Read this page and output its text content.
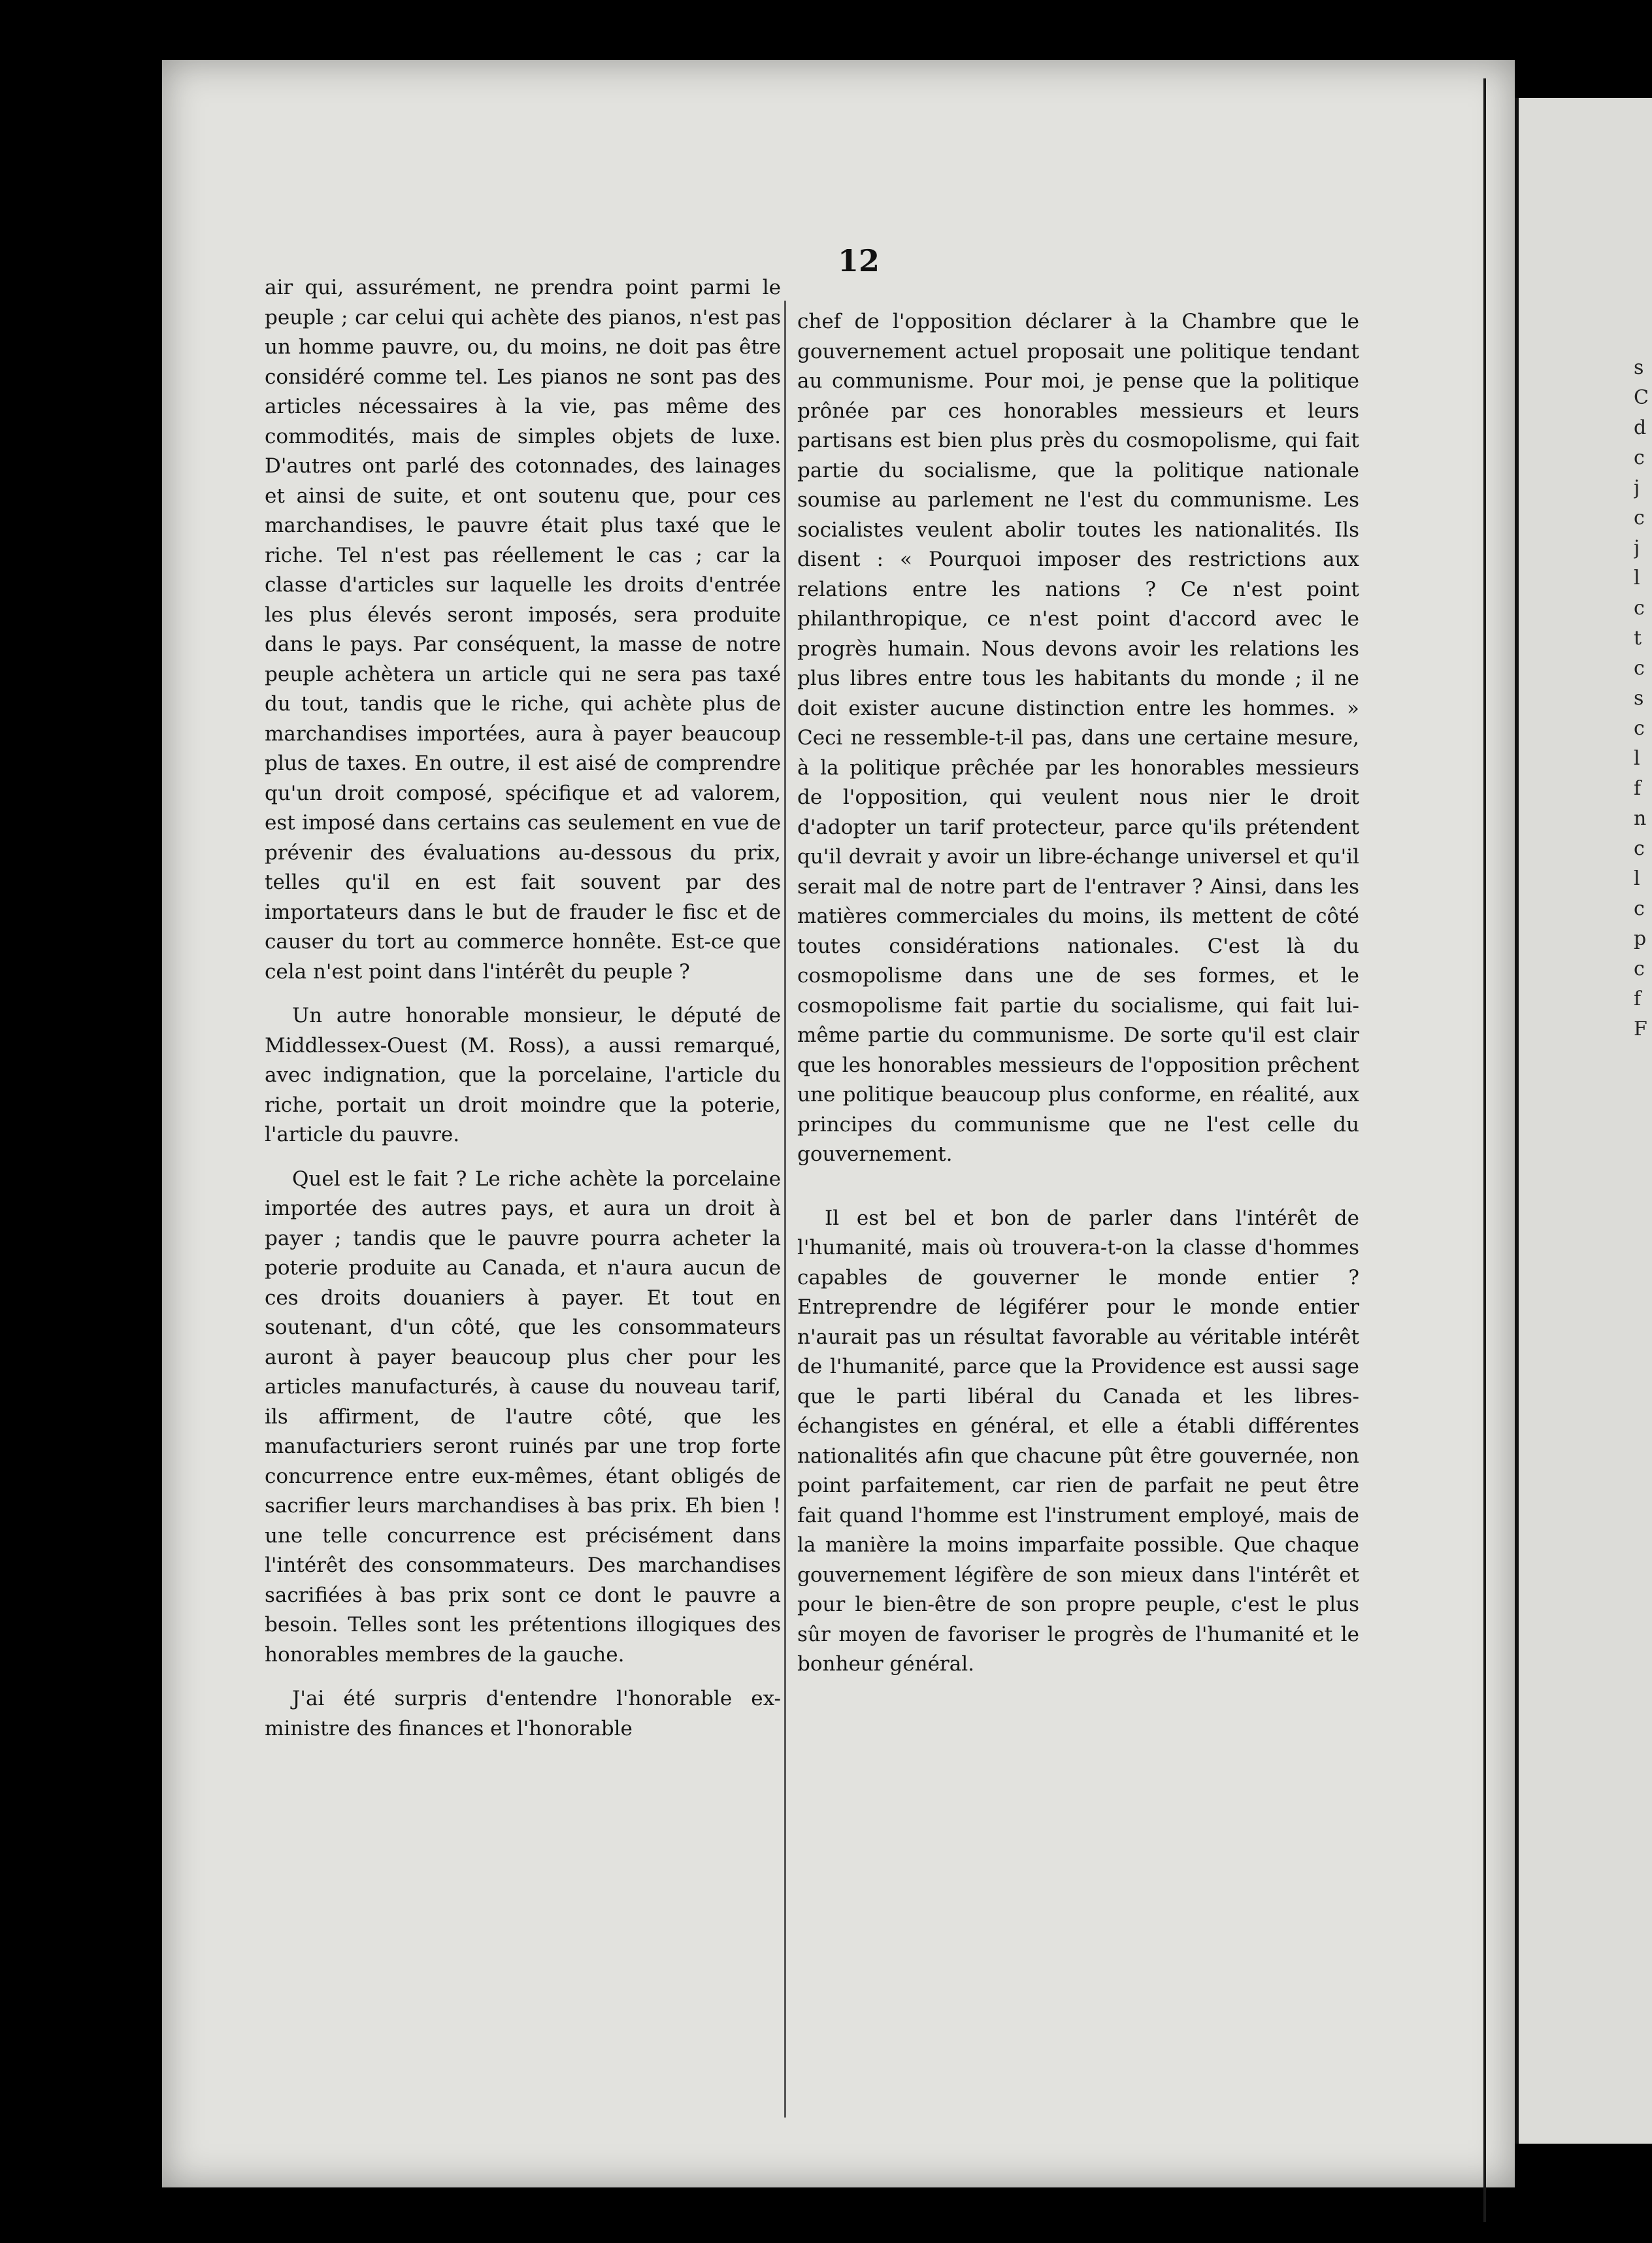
12

air qui, assurément, ne prendra point parmi le peuple ; car celui qui achète des pianos, n'est pas un homme pauvre, ou, du moins, ne doit pas être considéré comme tel. Les pianos ne sont pas des articles nécessaires à la vie, pas même des commodités, mais de simples objets de luxe. D'autres ont parlé des cotonnades, des lainages et ainsi de suite, et ont soutenu que, pour ces marchandises, le pauvre était plus taxé que le riche. Tel n'est pas réellement le cas ; car la classe d'articles sur laquelle les droits d'entrée les plus élevés seront imposés, sera produite dans le pays. Par conséquent, la masse de notre peuple achètera un article qui ne sera pas taxé du tout, tandis que le riche, qui achète plus de marchandises importées, aura à payer beaucoup plus de taxes. En outre, il est aisé de comprendre qu'un droit composé, spécifique et ad valorem, est imposé dans certains cas seulement en vue de prévenir des évaluations au-dessous du prix, telles qu'il en est fait souvent par des importateurs dans le but de frauder le fisc et de causer du tort au commerce honnête. Est-ce que cela n'est point dans l'intérêt du peuple ?

Un autre honorable monsieur, le député de Middlessex-Ouest (M. Ross), a aussi remarqué, avec indignation, que la porcelaine, l'article du riche, portait un droit moindre que la poterie, l'article du pauvre.

Quel est le fait ? Le riche achète la porcelaine importée des autres pays, et aura un droit à payer ; tandis que le pauvre pourra acheter la poterie produite au Canada, et n'aura aucun de ces droits douaniers à payer. Et tout en soutenant, d'un côté, que les consommateurs auront à payer beaucoup plus cher pour les articles manufacturés, à cause du nouveau tarif, ils affirment, de l'autre côté, que les manufacturiers seront ruinés par une trop forte concurrence entre eux-mêmes, étant obligés de sacrifier leurs marchandises à bas prix. Eh bien ! une telle concurrence est précisément dans l'intérêt des consommateurs. Des marchandises sacrifiées à bas prix sont ce dont le pauvre a besoin. Telles sont les prétentions illogiques des honorables membres de la gauche.

J'ai été surpris d'entendre l'honorable ex-ministre des finances et l'honorable

chef de l'opposition déclarer à la Chambre que le gouvernement actuel proposait une politique tendant au communisme. Pour moi, je pense que la politique prônée par ces honorables messieurs et leurs partisans est bien plus près du cosmopolisme, qui fait partie du socialisme, que la politique nationale soumise au parlement ne l'est du communisme. Les socialistes veulent abolir toutes les nationalités. Ils disent : « Pourquoi imposer des restrictions aux relations entre les nations ? Ce n'est point philanthropique, ce n'est point d'accord avec le progrès humain. Nous devons avoir les relations les plus libres entre tous les habitants du monde ; il ne doit exister aucune distinction entre les hommes. » Ceci ne ressemble-t-il pas, dans une certaine mesure, à la politique prêchée par les honorables messieurs de l'opposition, qui veulent nous nier le droit d'adopter un tarif protecteur, parce qu'ils prétendent qu'il devrait y avoir un libre-échange universel et qu'il serait mal de notre part de l'entraver ? Ainsi, dans les matières commerciales du moins, ils mettent de côté toutes considérations nationales. C'est là du cosmopolisme dans une de ses formes, et le cosmopolisme fait partie du socialisme, qui fait lui-même partie du communisme. De sorte qu'il est clair que les honorables messieurs de l'opposition prêchent une politique beaucoup plus conforme, en réalité, aux principes du communisme que ne l'est celle du gouvernement.

Il est bel et bon de parler dans l'intérêt de l'humanité, mais où trouvera-t-on la classe d'hommes capables de gouverner le monde entier ? Entreprendre de légiférer pour le monde entier n'aurait pas un résultat favorable au véritable intérêt de l'humanité, parce que la Providence est aussi sage que le parti libéral du Canada et les libres-échangistes en général, et elle a établi différentes nationalités afin que chacune pût être gouvernée, non point parfaitement, car rien de parfait ne peut être fait quand l'homme est l'instrument employé, mais de la manière la moins imparfaite possible. Que chaque gouvernement légifère de son mieux dans l'intérêt et pour le bien-être de son propre peuple, c'est le plus sûr moyen de favoriser le progrès de l'humanité et le bonheur général.

s
C
d
c
j
c
j
l
c
t
c
s
c
l
f
n
c
l
c
p
c
f
F
